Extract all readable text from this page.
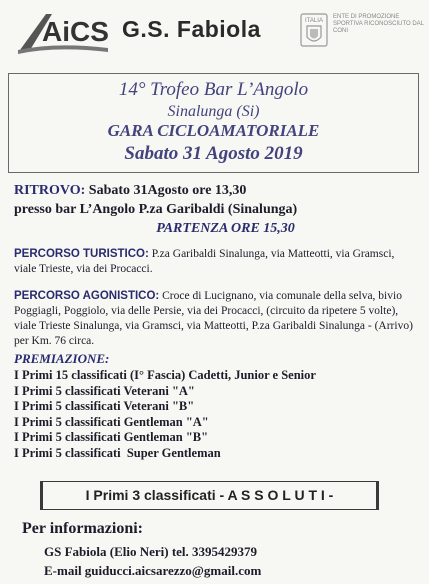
AiCS G.S. Fabiola	ITALIA
ENTE DI PROMOZIONE SPORTIVA RICONOSCIUTO DAL CONI
14° Trofeo Bar L’Angolo
Sinalunga (Si)
GARA CICLOAMATORIALE
Sabato 31 Agosto 2019
RITROVO: Sabato 31Agosto ore 13,30
presso bar L’Angolo P.za Garibaldi (Sinalunga)
PARTENZA ORE 15,30
PERCORSO TURISTICO: P.za Garibaldi Sinalunga, via Matteotti, via Gramsci, viale Trieste, via dei Procacci.
PERCORSO AGONISTICO: Croce di Lucignano, via comunale della selva, bivio Poggiagli, Poggiolo, via delle Persie, via dei Procacci, (circuito da ripetere 5 volte), viale Trieste Sinalunga, via Gramsci, via Matteotti, P.za Garibaldi Sinalunga - (Arrivo) per Km. 76 circa.
PREMIAZIONE:
I Primi 15 classificati (I° Fascia) Cadetti, Junior e Senior
I Primi 5 classificati Veterani "A"
I Primi 5 classificati Veterani "B"
I Primi 5 classificati Gentleman "A"
I Primi 5 classificati Gentleman "B"
I Primi 5 classificati  Super Gentleman
I Primi 3 classificati - A S S O L U T I -
Per informazioni:
GS Fabiola (Elio Neri) tel. 3395429379
E-mail guiducci.aicsarezzo@gmail.com
